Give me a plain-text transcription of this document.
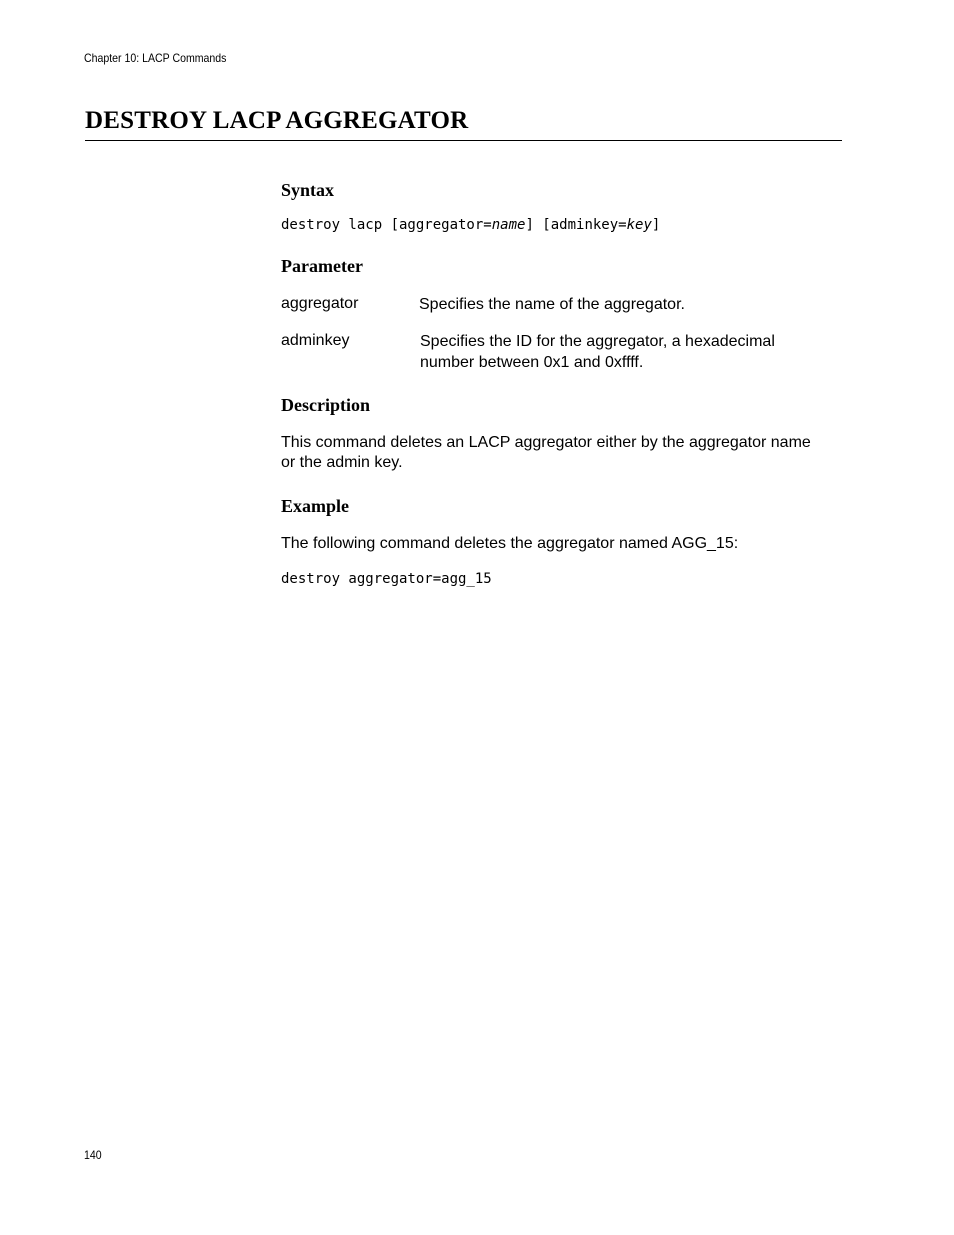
Chapter 10: LACP Commands
DESTROY LACP AGGREGATOR
Syntax
destroy lacp [aggregator=name] [adminkey=key]
Parameter
aggregator	Specifies the name of the aggregator.
adminkey	Specifies the ID for the aggregator, a hexadecimal number between 0x1 and 0xffff.
Description

This command deletes an LACP aggregator either by the aggregator name or the admin key.

Example

The following command deletes the aggregator named AGG_15:

destroy aggregator=agg_15
140
